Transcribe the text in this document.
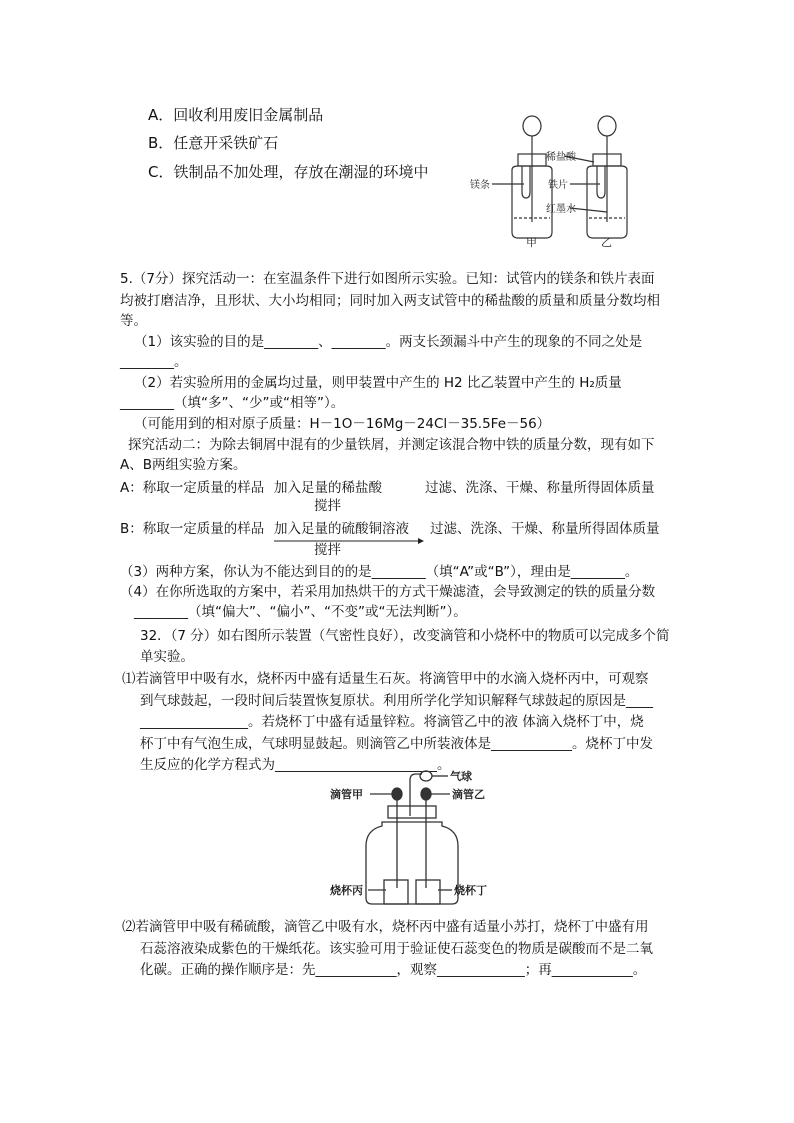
A．回收利用废旧金属制品
B．任意开采铁矿石
C．铁制品不加处理，存放在潮湿的环境中
镁条
稀盐酸
铁片
红墨水
甲	乙
5.（7分）探究活动一：在室温条件下进行如图所示实验。已知：试管内的镁条和铁片表面
均被打磨洁净，且形状、大小均相同；同时加入两支试管中的稀盐酸的质量和质量分数均相
等。
（1）该实验的目的是________、________。两支长颈漏斗中产生的现象的不同之处是
________。
（2）若实验所用的金属均过量，则甲装置中产生的 H2 比乙装置中产生的 H₂质量
________（填“多”、“少”或“相等”）。
（可能用到的相对原子质量：H－1O－16Mg－24Cl－35.5Fe－56）
探究活动二：为除去铜屑中混有的少量铁屑，并测定该混合物中铁的质量分数，现有如下
A、B两组实验方案。
A：称取一定质量的样品 加入足量的稀盐酸
搅拌
过滤、洗涤、干燥、称量所得固体质量
B：称取一定质量的样品 加入足量的硫酸铜溶液
搅拌
过滤、洗涤、干燥、称量所得固体质量
（3）两种方案，你认为不能达到目的的是________（填“A”或“B”），理由是________。
（4）在你所选取的方案中，若采用加热烘干的方式干燥滤渣，会导致测定的铁的质量分数
________（填“偏大”、“偏小”、“不变”或“无法判断”）。
32．（7 分）如右图所示装置（气密性良好），改变滴管和小烧杯中的物质可以完成多个简
单实验。
⑴若滴管甲中吸有水，烧杯丙中盛有适量生石灰。将滴管甲中的水滴入烧杯丙中，可观察
到气球鼓起，一段时间后装置恢复原状。利用所学化学知识解释气球鼓起的原因是____
________________。若烧杯丁中盛有适量锌粒。将滴管乙中的液 体滴入烧杯丁中，烧
杯丁中有气泡生成，气球明显鼓起。则滴管乙中所装液体是____________。烧杯丁中发
生反应的化学方程式为________________________。
气球
滴管甲	滴管乙
烧杯丙	烧杯丁
⑵若滴管甲中吸有稀硫酸，滴管乙中吸有水，烧杯丙中盛有适量小苏打，烧杯丁中盛有用
石蕊溶液染成紫色的干燥纸花。该实验可用于验证使石蕊变色的物质是碳酸而不是二氧
化碳。正确的操作顺序是：先____________，观察_____________；再____________。
